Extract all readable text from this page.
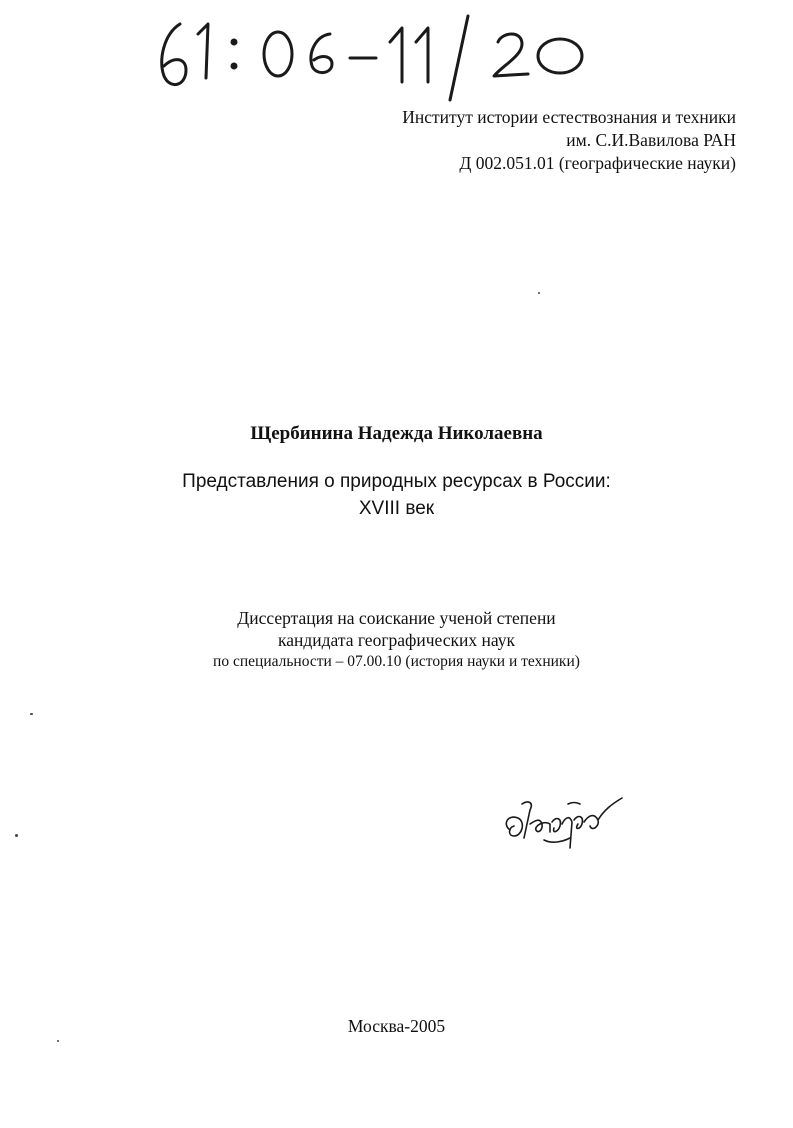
Институт истории естествознания и техники
им. С.И.Вавилова РАН
Д 002.051.01 (географические науки)
Щербинина Надежда Николаевна
Представления о природных ресурсах в России:
XVIII век
Диссертация на соискание ученой степени
кандидата географических наук
по специальности – 07.00.10 (история науки и техники)
Москва-2005
